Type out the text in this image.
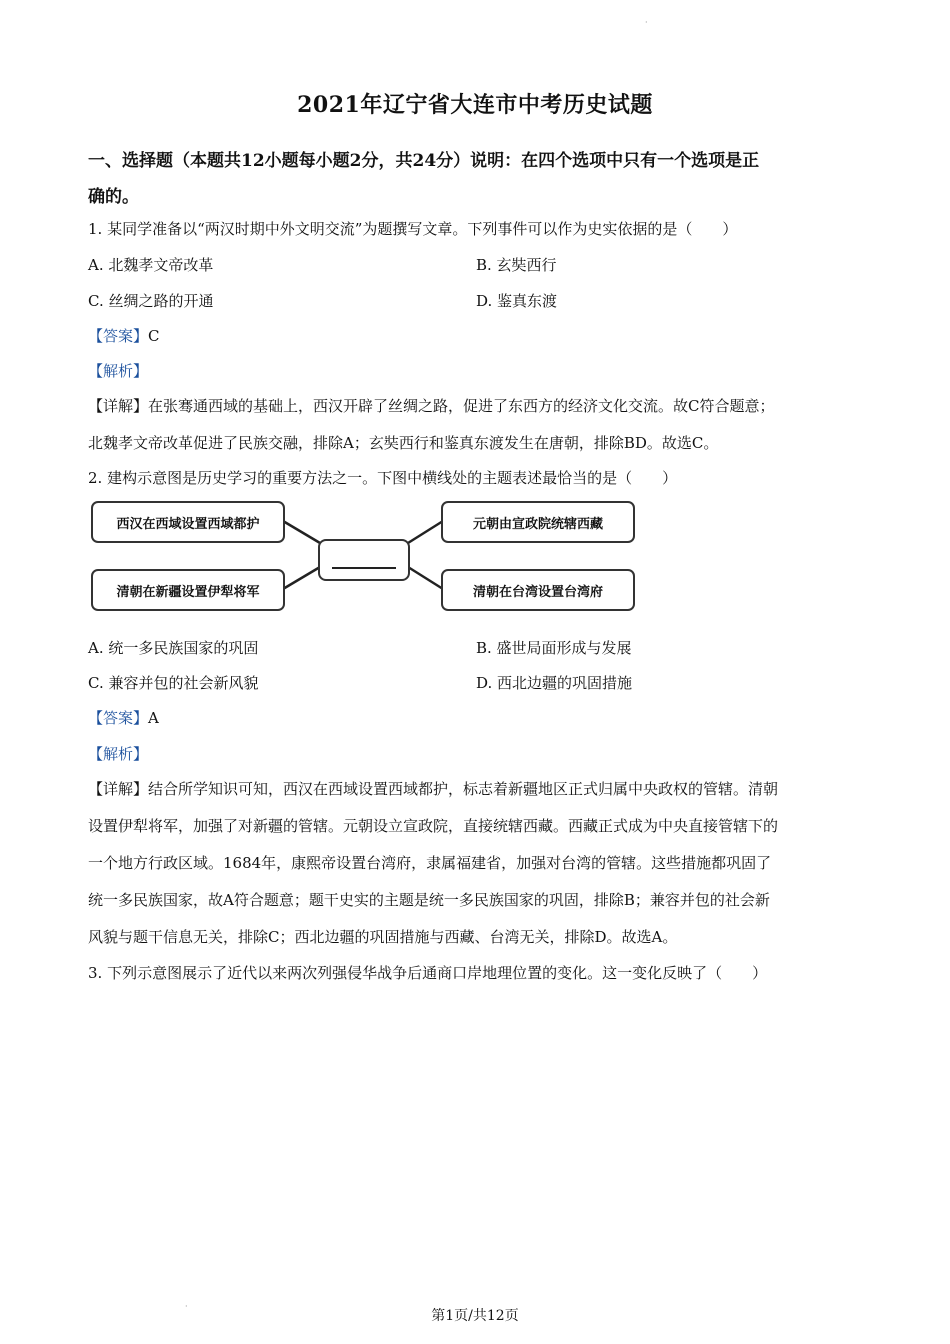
·
·
2021年辽宁省大连市中考历史试题
一、选择题（本题共12小题每小题2分，共24分）说明：在四个选项中只有一个选项是正
确的。
1. 某同学准备以“两汉时期中外文明交流”为题撰写文章。下列事件可以作为史实依据的是（　　）
A. 北魏孝文帝改革	B. 玄奘西行
C. 丝绸之路的开通	D. 鉴真东渡
【答案】C
【解析】
【详解】在张骞通西域的基础上，西汉开辟了丝绸之路，促进了东西方的经济文化交流。故C符合题意；
北魏孝文帝改革促进了民族交融，排除A；玄奘西行和鉴真东渡发生在唐朝，排除BD。故选C。
2. 建构示意图是历史学习的重要方法之一。下图中横线处的主题表述最恰当的是（　　）
西汉在西域设置西域都护	元朝由宣政院统辖西藏
清朝在新疆设置伊犁将军	清朝在台湾设置台湾府
A. 统一多民族国家的巩固	B. 盛世局面形成与发展
C. 兼容并包的社会新风貌	D. 西北边疆的巩固措施
【答案】A
【解析】
【详解】结合所学知识可知，西汉在西域设置西域都护，标志着新疆地区正式归属中央政权的管辖。清朝
设置伊犁将军，加强了对新疆的管辖。元朝设立宣政院，直接统辖西藏。西藏正式成为中央直接管辖下的
一个地方行政区域。1684年，康熙帝设置台湾府，隶属福建省，加强对台湾的管辖。这些措施都巩固了
统一多民族国家，故A符合题意；题干史实的主题是统一多民族国家的巩固，排除B；兼容并包的社会新
风貌与题干信息无关，排除C；西北边疆的巩固措施与西藏、台湾无关，排除D。故选A。
3. 下列示意图展示了近代以来两次列强侵华战争后通商口岸地理位置的变化。这一变化反映了（　　）
第1页/共12页
